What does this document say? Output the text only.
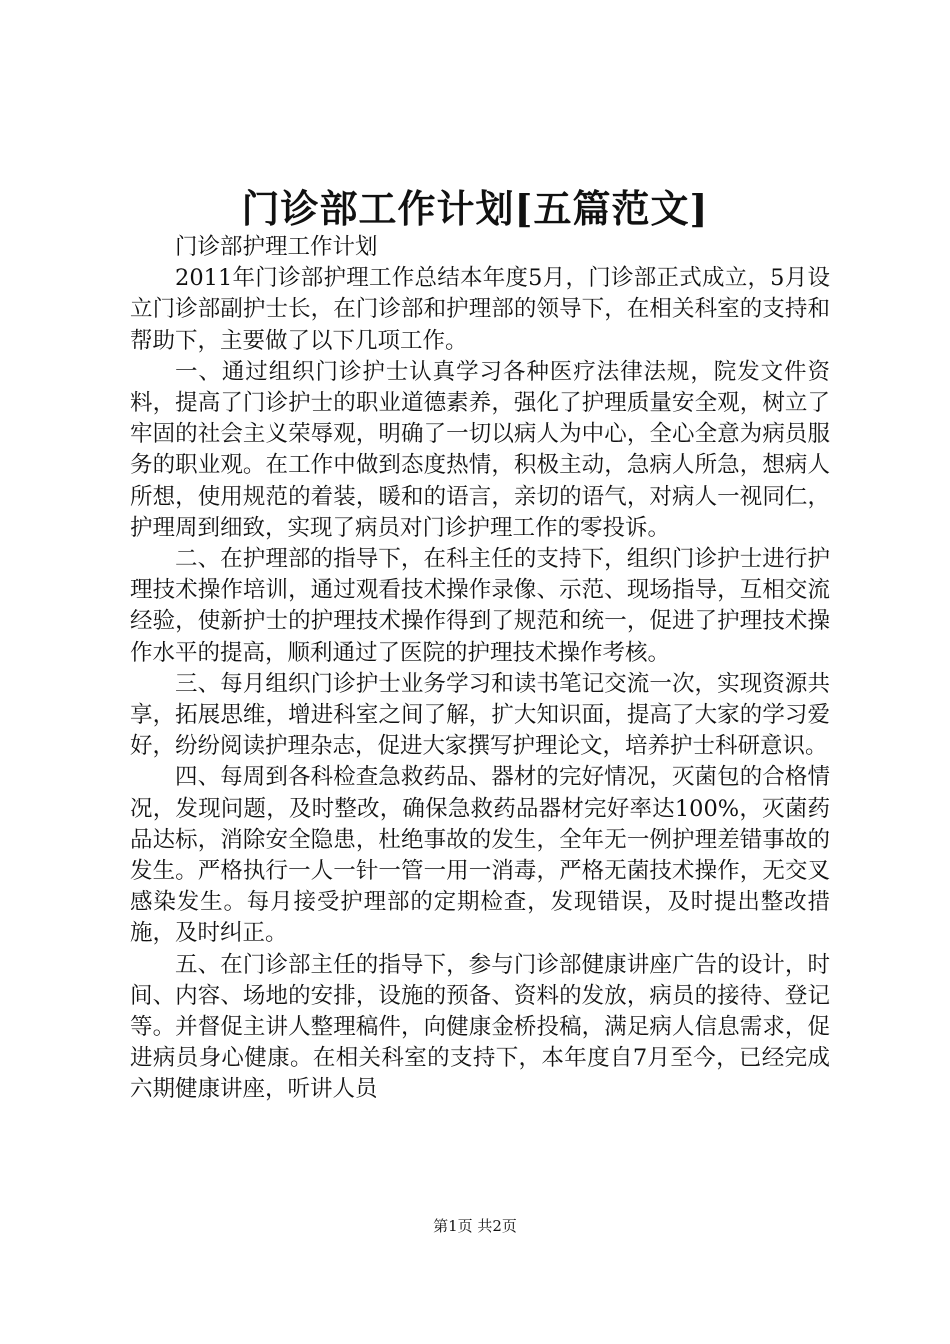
门诊部工作计划[五篇范文]

门诊部护理工作计划

2011年门诊部护理工作总结本年度5月，门诊部正式成立，5月设立门诊部副护士长，在门诊部和护理部的领导下，在相关科室的支持和帮助下，主要做了以下几项工作。

一、通过组织门诊护士认真学习各种医疗法律法规，院发文件资料，提高了门诊护士的职业道德素养，强化了护理质量安全观，树立了牢固的社会主义荣辱观，明确了一切以病人为中心，全心全意为病员服务的职业观。在工作中做到态度热情，积极主动，急病人所急，想病人所想，使用规范的着装，暖和的语言，亲切的语气，对病人一视同仁，护理周到细致，实现了病员对门诊护理工作的零投诉。

二、在护理部的指导下，在科主任的支持下，组织门诊护士进行护理技术操作培训，通过观看技术操作录像、示范、现场指导，互相交流经验，使新护士的护理技术操作得到了规范和统一，促进了护理技术操作水平的提高，顺利通过了医院的护理技术操作考核。

三、每月组织门诊护士业务学习和读书笔记交流一次，实现资源共享，拓展思维，增进科室之间了解，扩大知识面，提高了大家的学习爱好，纷纷阅读护理杂志，促进大家撰写护理论文，培养护士科研意识。

四、每周到各科检查急救药品、器材的完好情况，灭菌包的合格情况，发现问题，及时整改，确保急救药品器材完好率达100%，灭菌药品达标，消除安全隐患，杜绝事故的发生，全年无一例护理差错事故的发生。严格执行一人一针一管一用一消毒，严格无菌技术操作，无交叉感染发生。每月接受护理部的定期检查，发现错误，及时提出整改措施，及时纠正。

五、在门诊部主任的指导下，参与门诊部健康讲座广告的设计，时间、内容、场地的安排，设施的预备、资料的发放，病员的接待、登记等。并督促主讲人整理稿件，向健康金桥投稿，满足病人信息需求，促进病员身心健康。在相关科室的支持下，本年度自7月至今，已经完成六期健康讲座，听讲人员

第1页 共2页
